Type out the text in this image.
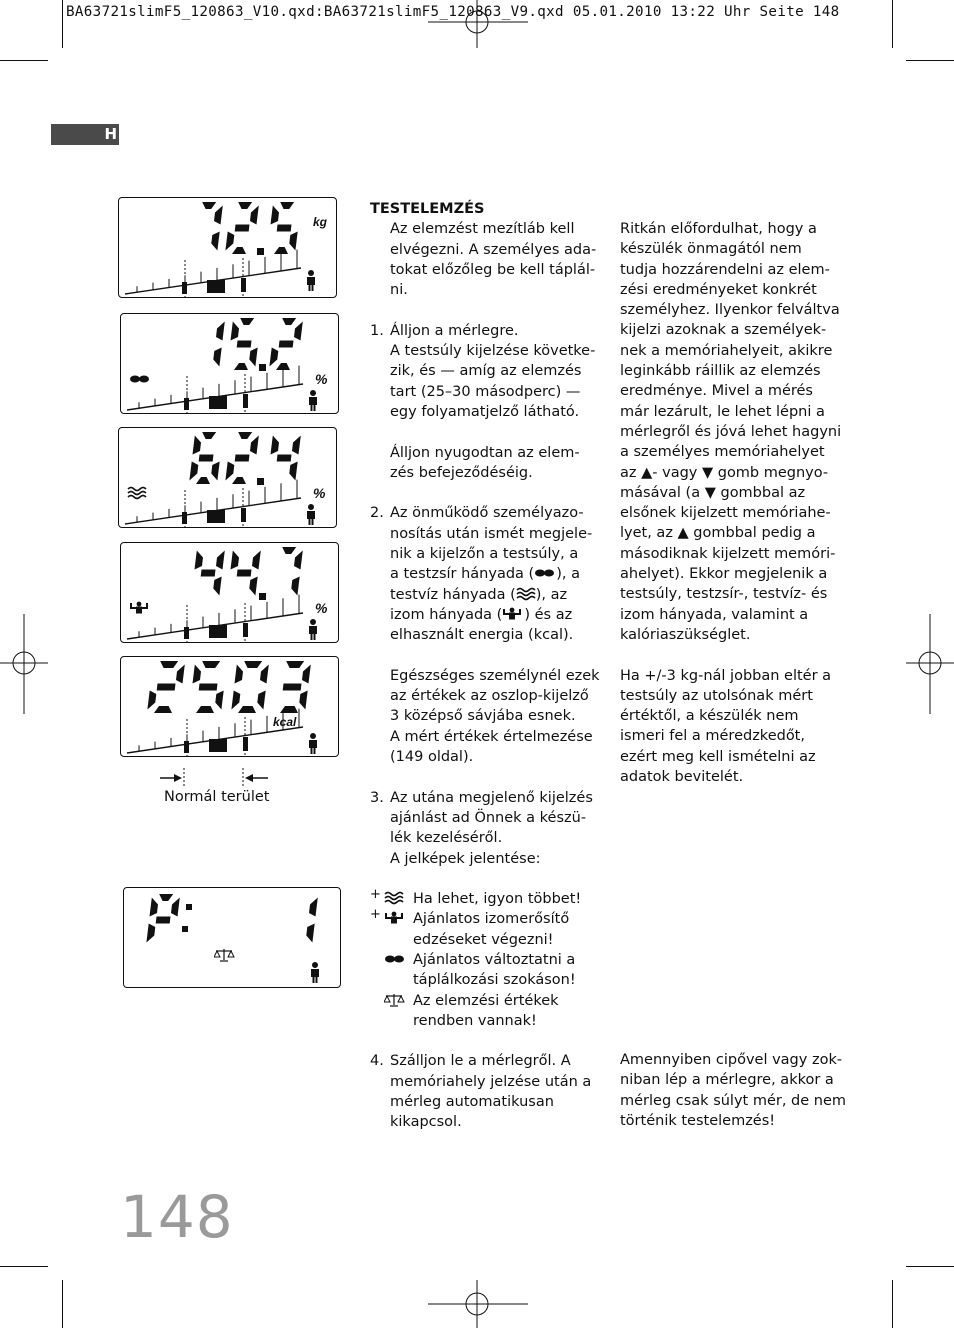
BA63721slimF5_120863_V10.qxd:BA63721slimF5_120863_V9.qxd 05.01.2010 13:22 Uhr Seite 148
H
kg
%
%
%
kcal
Normál terület

TESTELEMZÉS

Az elemzést mezítláb kell

elvégezni. A személyes ada-

tokat előzőleg be kell táplál-

ni.

1. Álljon a mérlegre.

A testsúly kijelzése követke-

zik, és — amíg az elemzés

tart (25–30 másodperc) —

egy folyamatjelző látható.

Álljon nyugodtan az elem-

zés befejeződéséig.

2. Az önműködő személyazo-

nosítás után ismét megjele-

nik a kijelzőn a testsúly, a

a testzsír hányada ( ), a

testvíz hányada ( ), az

izom hányada ( ) és az

elhasznált energia (kcal).

Egészséges személynél ezek

az értékek az oszlop-kijelző

3 középső sávjába esnek.

A mért értékek értelmezése

(149 oldal).

3. Az utána megjelenő kijelzés

ajánlást ad Önnek a készü-

lék kezeléséről.

A jelképek jelentése:

+ Ha lehet, igyon többet!

+ Ajánlatos izomerősítő

edzéseket végezni!

Ajánlatos változtatni a

táplálkozási szokáson!

Az elemzési értékek

rendben vannak!

4. Szálljon le a mérlegről. A

memóriahely jelzése után a

mérleg automatikusan

kikapcsol.

Ritkán előfordulhat, hogy a

készülék önmagától nem

tudja hozzárendelni az elem-

zési eredményeket konkrét

személyhez. Ilyenkor felváltva

kijelzi azoknak a személyek-

nek a memóriahelyeit, akikre

leginkább ráillik az elemzés

eredménye. Mivel a mérés

már lezárult, le lehet lépni a

mérlegről és jóvá lehet hagyni

a személyes memóriahelyet

az ▲- vagy ▼ gomb megnyo-

másával (a ▼ gombbal az

elsőnek kijelzett memóriahe-

lyet, az ▲ gombbal pedig a

másodiknak kijelzett memóri-

ahelyet). Ekkor megjelenik a

testsúly, testzsír-, testvíz- és

izom hányada, valamint a

kalóriaszükséglet.

Ha +/-3 kg-nál jobban eltér a

testsúly az utolsónak mért

értéktől, a készülék nem

ismeri fel a méredzkedőt,

ezért meg kell ismételni az

adatok bevitelét.

Amennyiben cipővel vagy zok-

niban lép a mérlegre, akkor a

mérleg csak súlyt mér, de nem

történik testelemzés!

148
